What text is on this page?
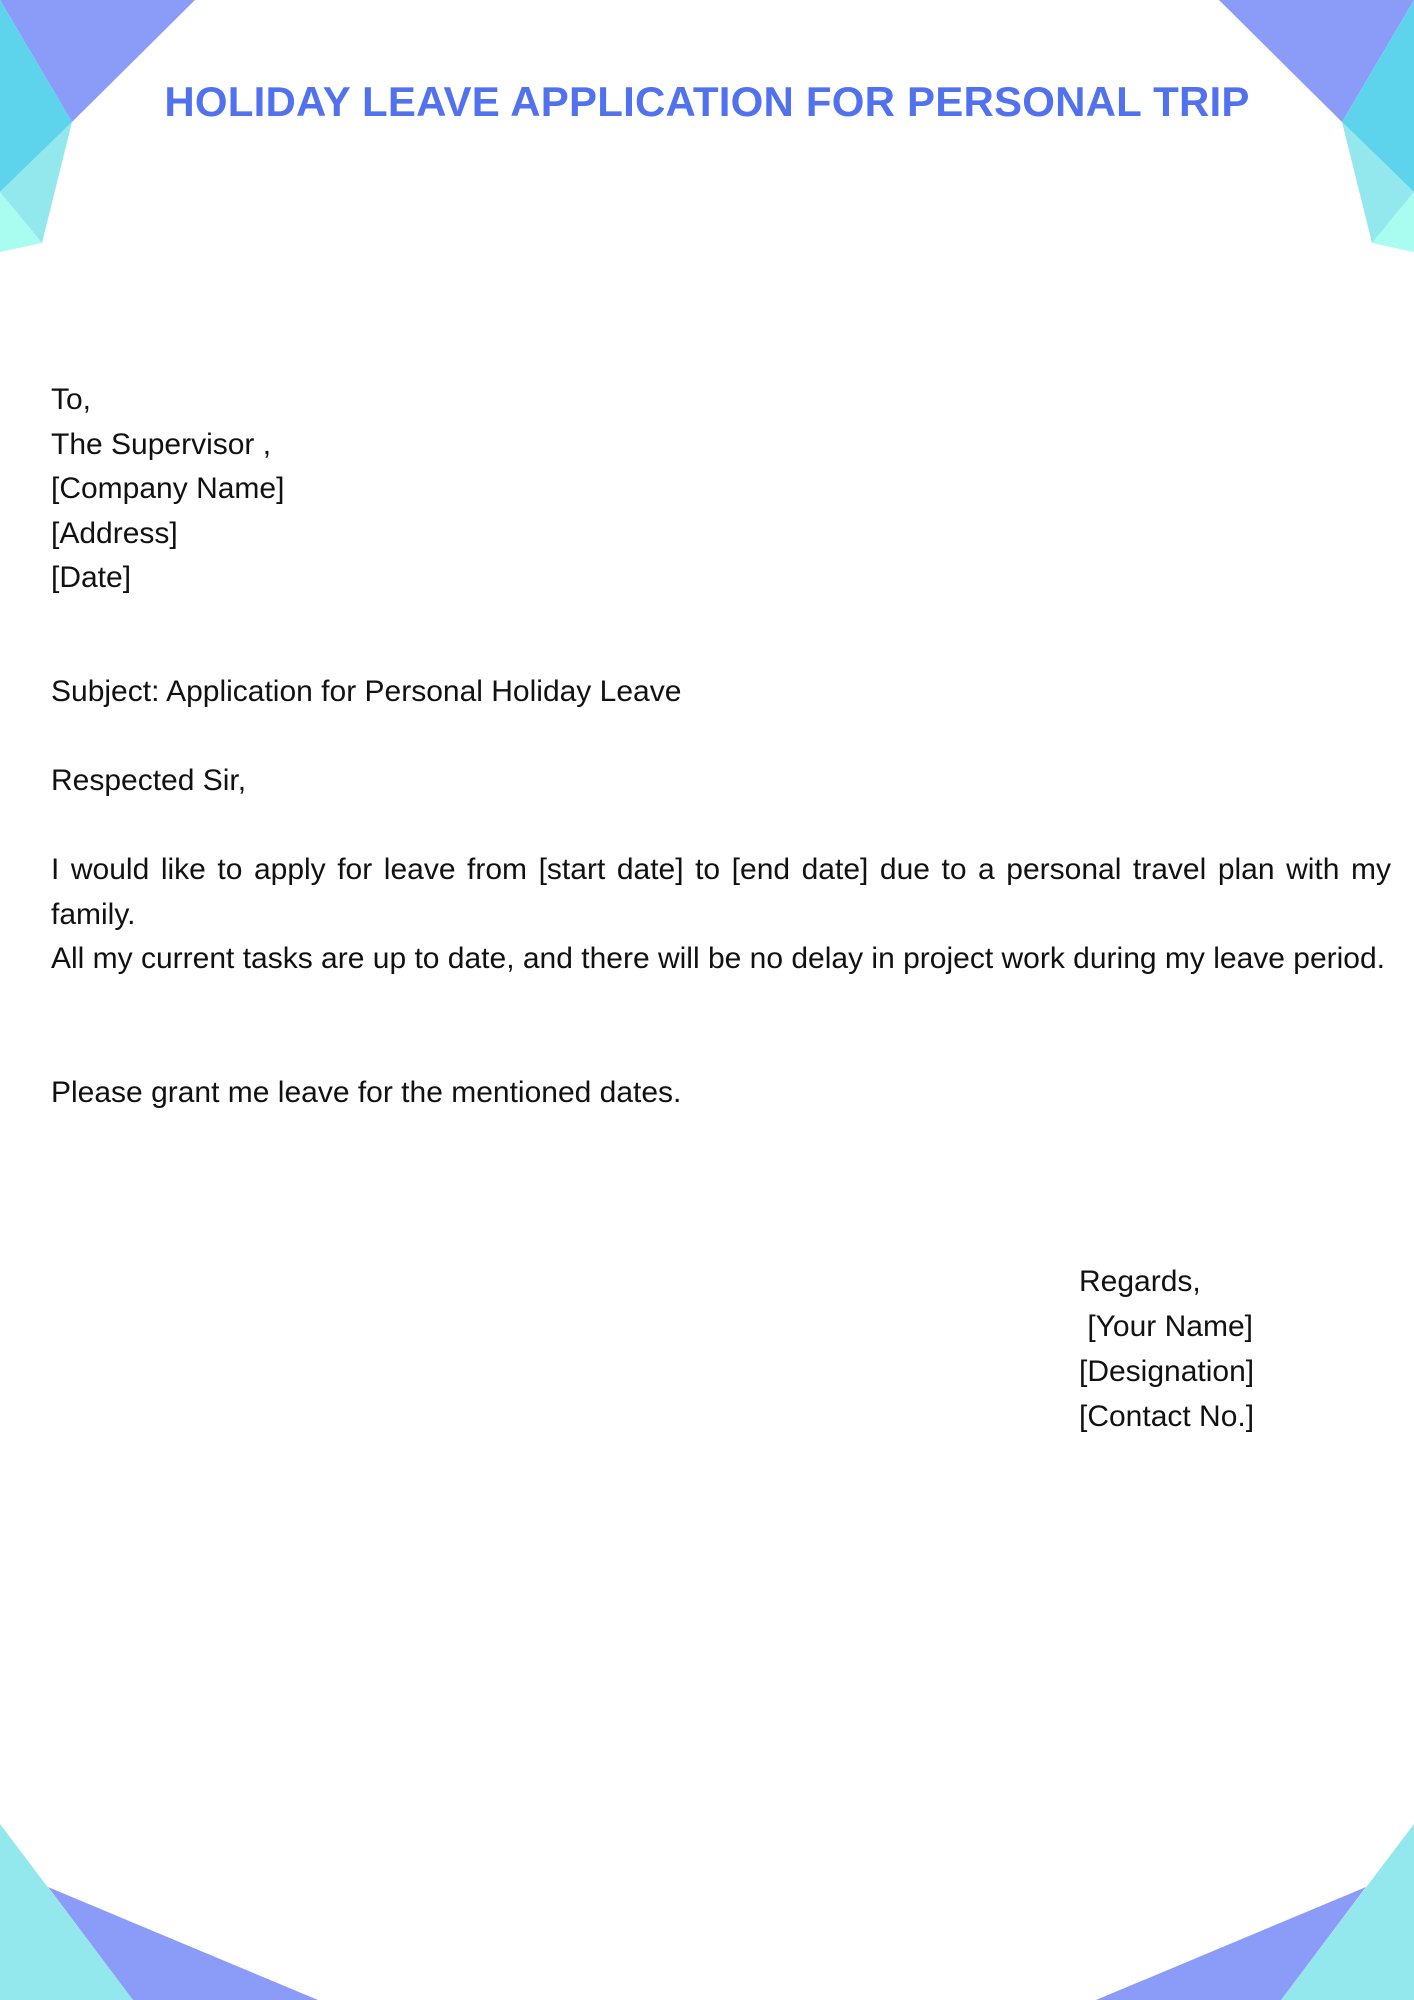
HOLIDAY LEAVE APPLICATION FOR PERSONAL TRIP
To,
The Supervisor ,
[Company Name]
[Address]
[Date]
Subject: Application for Personal Holiday Leave
Respected Sir,

I would like to apply for leave from [start date] to [end date] due to a personal travel plan with my family.

All my current tasks are up to date, and there will be no delay in project work during my leave period.

Please grant me leave for the mentioned dates.
Regards,
[Your Name]
[Designation]
[Contact No.]
